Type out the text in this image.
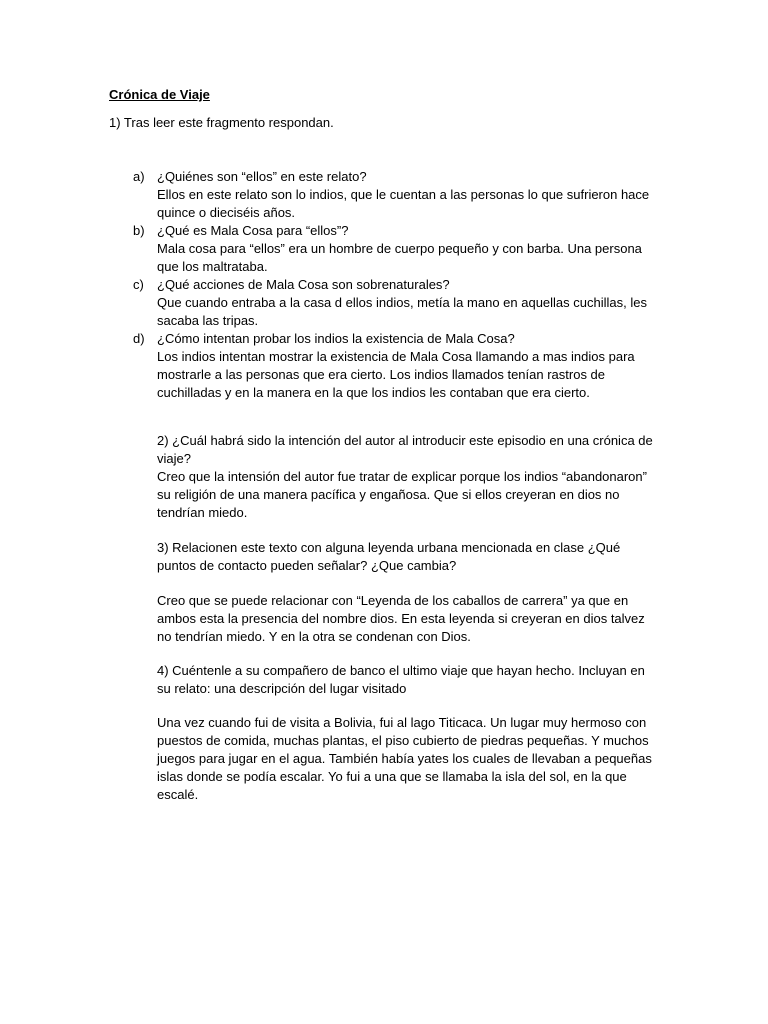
Crónica de Viaje
1) Tras leer este fragmento respondan.
a) ¿Quiénes son “ellos” en este relato?
Ellos en este relato son lo indios, que le cuentan a las personas lo que sufrieron hace quince o dieciséis años.
b) ¿Qué es Mala Cosa para “ellos”?
Mala cosa para “ellos” era un hombre de cuerpo pequeño y con barba. Una persona que los maltrataba.
c)	¿Qué acciones de Mala Cosa son sobrenaturales?
Que cuando entraba a la casa d ellos indios, metía la mano en aquellas cuchillas, les sacaba las tripas.
d) ¿Cómo intentan probar los indios la existencia de Mala Cosa?
Los indios intentan mostrar la existencia de Mala Cosa llamando a mas indios para mostrarle a las personas que era cierto. Los indios llamados tenían rastros de cuchilladas y en la manera en la que los indios les contaban que era cierto.
2) ¿Cuál habrá sido la intención del autor al introducir este episodio en una crónica de viaje?
Creo que la intensión del autor fue tratar de explicar porque los indios “abandonaron” su religión de una manera pacífica y engañosa. Que si ellos creyeran en dios no tendrían miedo.
3) Relacionen este texto con alguna leyenda urbana mencionada en clase ¿Qué puntos de contacto pueden señalar? ¿Que cambia?
Creo que se puede relacionar con “Leyenda de los caballos de carrera” ya que en ambos esta la presencia del nombre dios. En esta leyenda si creyeran en dios talvez no tendrían miedo. Y en la otra se condenan con Dios.
4) Cuéntenle a su compañero de banco el ultimo viaje que hayan hecho. Incluyan en su relato: una descripción del lugar visitado
Una vez cuando fui de visita a Bolivia, fui al lago Titicaca. Un lugar muy hermoso con puestos de comida, muchas plantas, el piso cubierto de piedras pequeñas. Y muchos juegos para jugar en el agua. También había yates los cuales de llevaban a pequeñas islas donde se podía escalar. Yo fui a una que se llamaba la isla del sol, en la que escalé.
